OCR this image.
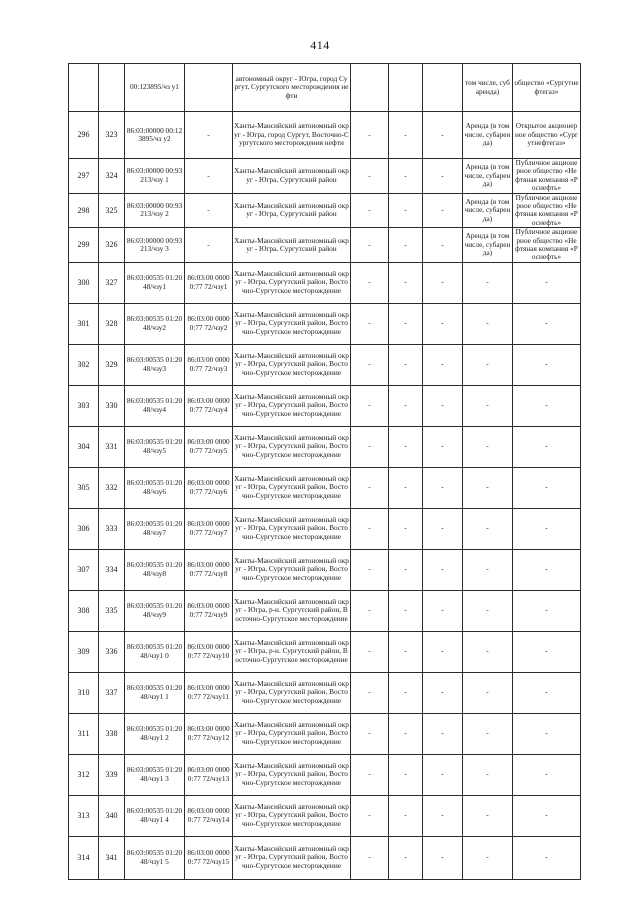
414
		00:123895/чз у1		автономный округ - Югра, город Сургут, Сургутского месторождения нефти				том числе, субаренда)	общество «Сургутнефтегаз»
296	323	86:03:00000 00:123895/чз у2	-	Ханты-Мансийский автономный округ - Югра, город Сургут, Восточно-Сургутского месторождения нефти	-	-	-	Аренда (в том числе, субаренда)	Открытое акционерное общество «Сургутнефтегаз»
297	324	86:03:00000 00:93213/чзу 1	-	Ханты-Мансийский автономный округ - Югра, Сургутский район	-	-	-	Аренда (в том числе, субаренда)	Публичное акционерное общество «Нефтяная компания «Роснефть»
298	325	86:03:00000 00:93213/чзу 2	-	Ханты-Мансийский автономный округ - Югра, Сургутский район	-	-	-	Аренда (в том числе, субаренда)	Публичное акционерное общество «Нефтяная компания «Роснефть»
299	326	86:03:00000 00:93213/чзу 3	-	Ханты-Мансийский автономный округ - Югра, Сургутский район	-	-	-	Аренда (в том числе, субаренда)	Публичное акционерное общество «Нефтяная компания «Роснефть»
300	327	86:03:00535 01:2048/чзу1	86:03:00 00000:77 72/чзу1	Ханты-Мансийский автономный округ - Югра, Сургутский район, Восточно-Сургутское месторождение	-	-	-	-	-
301	328	86:03:00535 01:2048/чзу2	86:03:00 00000:77 72/чзу2	Ханты-Мансийский автономный округ - Югра, Сургутский район, Восточно-Сургутское месторождение	-	-	-	-	-
302	329	86:03:00535 01:2048/чзу3	86:03:00 00000:77 72/чзу3	Ханты-Мансийский автономный округ - Югра, Сургутский район, Восточно-Сургутское месторождение	-	-	-	-	-
303	330	86:03:00535 01:2048/чзу4	86:03:00 00000:77 72/чзу4	Ханты-Мансийский автономный округ - Югра, Сургутский район, Восточно-Сургутское месторождение	-	-	-	-	-
304	331	86:03:00535 01:2048/чзу5	86:03:00 00000:77 72/чзу5	Ханты-Мансийский автономный округ - Югра, Сургутский район, Восточно-Сургутское месторождение	-	-	-	-	-
305	332	86:03:00535 01:2048/чзу6	86:03:00 00000:77 72/чзу6	Ханты-Мансийский автономный округ - Югра, Сургутский район, Восточно-Сургутское месторождение	-	-	-	-	-
306	333	86:03:00535 01:2048/чзу7	86:03:00 00000:77 72/чзу7	Ханты-Мансийский автономный округ - Югра, Сургутский район, Восточно-Сургутское месторождение	-	-	-	-	-
307	334	86:03:00535 01:2048/чзу8	86:03:00 00000:77 72/чзу8	Ханты-Мансийский автономный округ - Югра, Сургутский район, Восточно-Сургутское месторождение	-	-	-	-	-
308	335	86:03:00535 01:2048/чзу9	86:03:00 00000:77 72/чзу9	Ханты-Мансийский автономный округ - Югра, р-н. Сургутский район, Восточно-Сургутское месторождение	-	-	-	-	-
309	336	86:03:00535 01:2048/чзу1 0	86:03:00 00000:77 72/чзу10	Ханты-Мансийский автономный округ - Югра, р-н. Сургутский район, Восточно-Сургутское месторождение	-	-	-	-	-
310	337	86:03:00535 01:2048/чзу1 1	86:03:00 00000:77 72/чзу11	Ханты-Мансийский автономный округ - Югра, Сургутский район, Восточно-Сургутское месторождение	-	-	-	-	-
311	338	86:03:00535 01:2048/чзу1 2	86:03:00 00000:77 72/чзу12	Ханты-Мансийский автономный округ - Югра, Сургутский район, Восточно-Сургутское месторождение	-	-	-	-	-
312	339	86:03:00535 01:2048/чзу1 3	86:03:00 00000:77 72/чзу13	Ханты-Мансийский автономный округ - Югра, Сургутский район, Восточно-Сургутское месторождение	-	-	-	-	-
313	340	86:03:00535 01:2048/чзу1 4	86:03:00 00000:77 72/чзу14	Ханты-Мансийский автономный округ - Югра, Сургутский район, Восточно-Сургутское месторождение	-	-	-	-	-
314	341	86:03:00535 01:2048/чзу1 5	86:03:00 00000:77 72/чзу15	Ханты-Мансийский автономный округ - Югра, Сургутский район, Восточно-Сургутское месторождение	-	-	-	-	-
